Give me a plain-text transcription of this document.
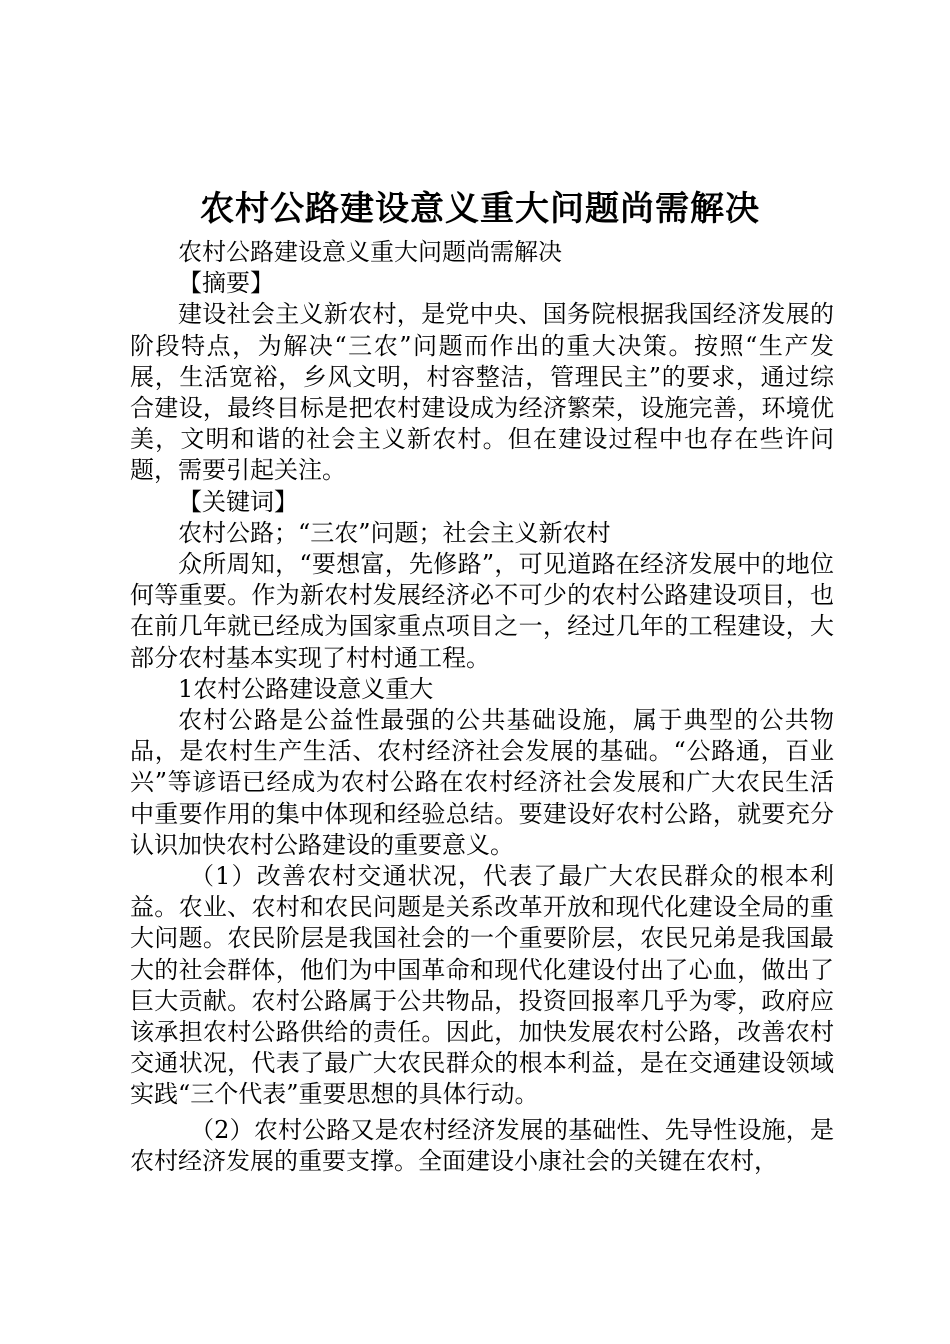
农村公路建设意义重大问题尚需解决

农村公路建设意义重大问题尚需解决

【摘要】

建设社会主义新农村，是党中央、国务院根据我国经济发展的阶段特点，为解决“三农”问题而作出的重大决策。按照“生产发展，生活宽裕，乡风文明，村容整洁，管理民主”的要求，通过综合建设，最终目标是把农村建设成为经济繁荣，设施完善，环境优美，文明和谐的社会主义新农村。但在建设过程中也存在些许问题，需要引起关注。

【关键词】

农村公路；“三农”问题；社会主义新农村

众所周知，“要想富，先修路”，可见道路在经济发展中的地位何等重要。作为新农村发展经济必不可少的农村公路建设项目，也在前几年就已经成为国家重点项目之一，经过几年的工程建设，大部分农村基本实现了村村通工程。

1农村公路建设意义重大

农村公路是公益性最强的公共基础设施，属于典型的公共物品，是农村生产生活、农村经济社会发展的基础。“公路通，百业兴”等谚语已经成为农村公路在农村经济社会发展和广大农民生活中重要作用的集中体现和经验总结。要建设好农村公路，就要充分认识加快农村公路建设的重要意义。

（1）改善农村交通状况，代表了最广大农民群众的根本利益。农业、农村和农民问题是关系改革开放和现代化建设全局的重大问题。农民阶层是我国社会的一个重要阶层，农民兄弟是我国最大的社会群体，他们为中国革命和现代化建设付出了心血，做出了巨大贡献。农村公路属于公共物品，投资回报率几乎为零，政府应该承担农村公路供给的责任。因此，加快发展农村公路，改善农村交通状况，代表了最广大农民群众的根本利益，是在交通建设领域实践“三个代表”重要思想的具体行动。

（2）农村公路又是农村经济发展的基础性、先导性设施，是农村经济发展的重要支撑。全面建设小康社会的关键在农村，
